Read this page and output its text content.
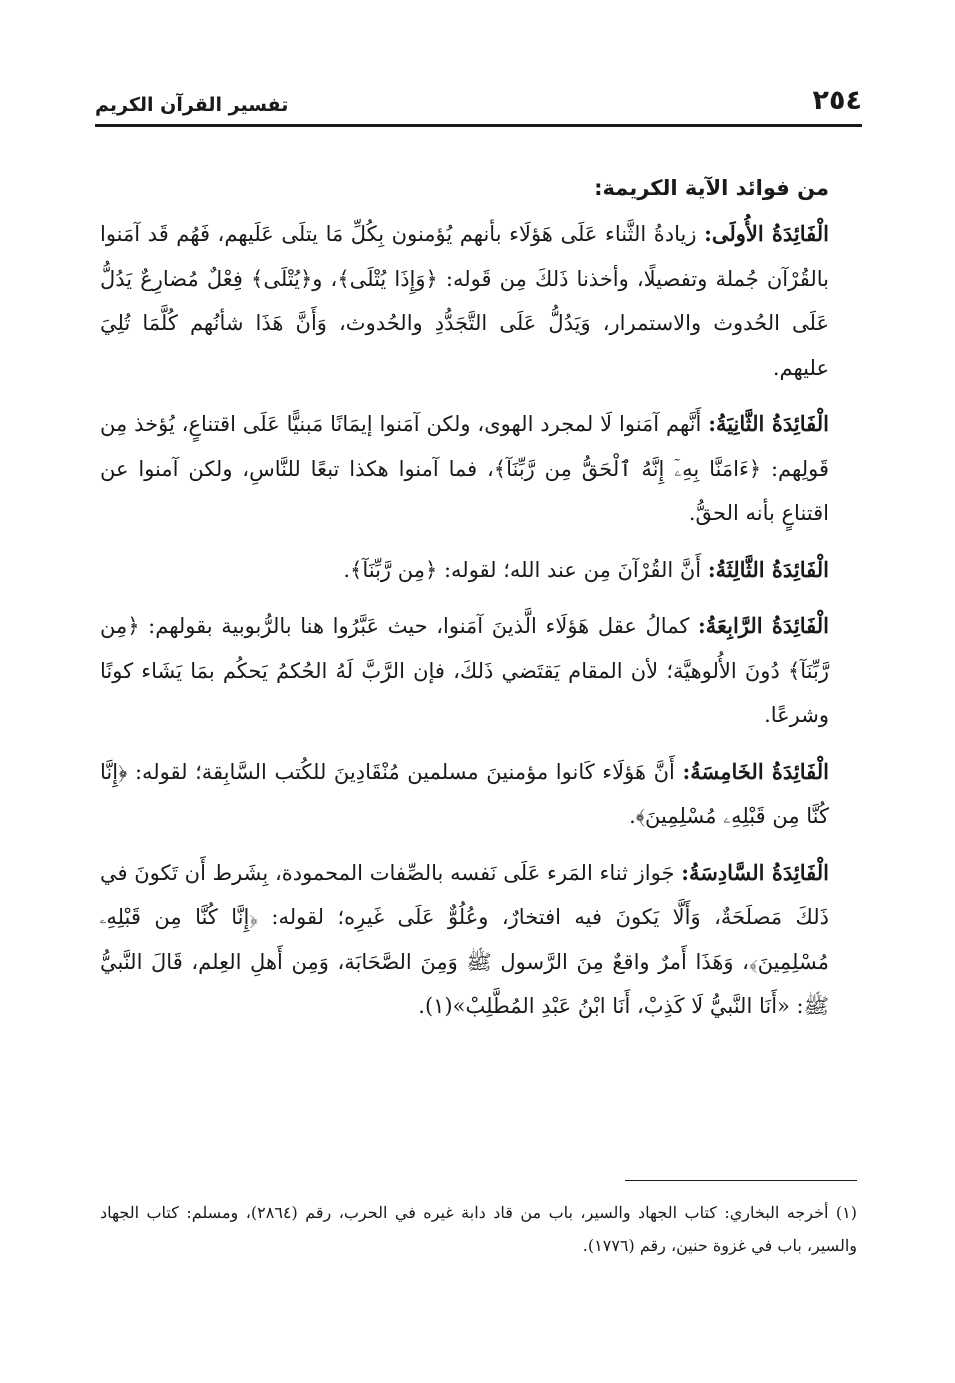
٢٥٤
تفسير القرآن الكريم
من فوائد الآية الكريمة:

الْفَائِدَةُ الأُولَى: زيادةُ الثَّناء عَلَى هَؤلَاء بأنهم يُؤمنون بِكُلِّ مَا يتلَى عَلَيهم، فَهُم قَد آمَنوا بالقُرْآن جُملة وتفصيلًا، وأخذنا ذَلكَ مِن قَوله: ﴿وَإِذَا يُتْلَى﴾، و﴿يُتْلَى﴾ فِعْلٌ مُضارِعٌ يَدُلُّ عَلَى الحُدوث والاستمرار، وَيَدُلُّ عَلَى التَّجَدُّدِ والحُدوث، وَأَنَّ هَذَا شأنُهم كُلَّمَا تُلِيَ عليهم.

الْفَائِدَةُ الثَّانِيَةُ: أَنَّهم آمَنوا لَا لمجرد الهوى، ولكن آمَنوا إيمَانًا مَبنيًّا عَلَى اقتناعٍ، يُؤخذ مِن قَولِهم: ﴿ءَامَنَّا بِهِۦٓ إِنَّهُ ٱلْحَقُّ مِن رَّبِّنَآ﴾، فما آمنوا هكذا تبعًا للنَّاسِ، ولكن آمنوا عن اقتناعٍ بأنه الحقُّ.

الْفَائِدَةُ الثَّالِثَةُ: أَنَّ القُرْآنَ مِن عند الله؛ لقوله: ﴿مِن رَّبِّنَآ﴾.

الْفَائِدَةُ الرَّابِعَةُ: كمالُ عقل هَؤلَاء الَّذينَ آمَنوا، حيث عَبَّرُوا هنا بالرُّبوبية بقولهم: ﴿مِن رَّبِّنَآ﴾ دُونَ الأُلوهيَّة؛ لأن المقام يَقتَضي ذَلكَ، فإن الرَّبَّ لَهُ الحُكمُ يَحكُم بمَا يَشَاء كونًا وشرعًا.

الْفَائِدَةُ الخَامِسَةُ: أَنَّ هَؤلَاء كَانوا مؤمنينَ مسلمين مُنْقَادِينَ للكُتب السَّابِقة؛ لقوله: ﴿إِنَّا كُنَّا مِن قَبْلِهِۦ مُسْلِمِينَ﴾.

الْفَائِدَةُ السَّادِسَةُ: جَواز ثناء المَرء عَلَى نَفسه بالصِّفات المحمودة، بِشَرط أَن تَكونَ في ذَلكَ مَصلَحَةٌ، وَأَلَّا يَكونَ فيه افتخارٌ، وعُلُوٌّ عَلَى غَيرِه؛ لقوله: ﴿إِنَّا كُنَّا مِن قَبْلِهِۦ مُسْلِمِينَ﴾، وَهَذَا أَمرٌ واقعٌ مِنَ الرَّسول ﷺ وَمِنَ الصَّحَابَة، وَمِن أَهلِ العِلم، قَالَ النَّبيُّ ﷺ: «أَنَا النَّبيُّ لَا كَذِبْ، أَنَا ابْنُ عَبْدِ المُطَّلِبْ»(١).

(١) أخرجه البخاري: كتاب الجهاد والسير، باب من قاد دابة غيره في الحرب، رقم (٢٨٦٤)، ومسلم: كتاب الجهاد والسير، باب في غزوة حنين، رقم (١٧٧٦).
